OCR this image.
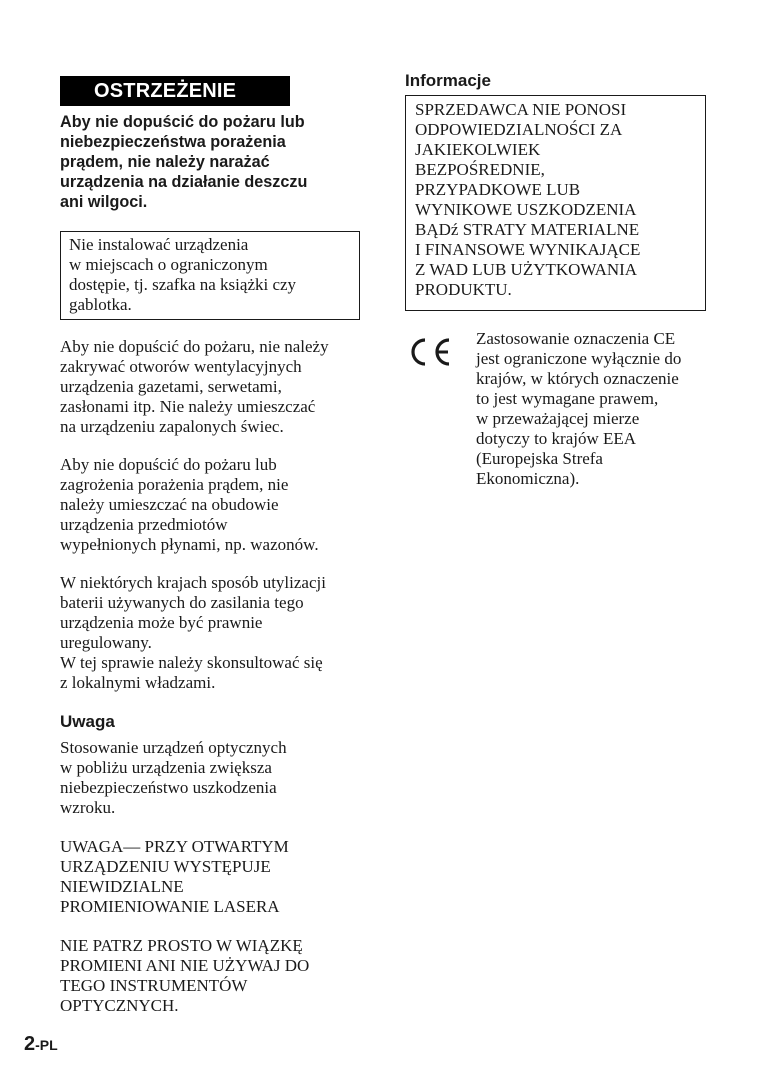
OSTRZEŻENIE
Aby nie dopuścić do pożaru lub
niebezpieczeństwa porażenia
prądem, nie należy narażać
urządzenia na działanie deszczu
ani wilgoci.
Nie instalować urządzenia
w miejscach o ograniczonym
dostępie, tj. szafka na książki czy
gablotka.
Aby nie dopuścić do pożaru, nie należy
zakrywać otworów wentylacyjnych
urządzenia gazetami, serwetami,
zasłonami itp. Nie należy umieszczać
na urządzeniu zapalonych świec.
Aby nie dopuścić do pożaru lub
zagrożenia porażenia prądem, nie
należy umieszczać na obudowie
urządzenia przedmiotów
wypełnionych płynami, np. wazonów.
W niektórych krajach sposób utylizacji
baterii używanych do zasilania tego
urządzenia może być prawnie
uregulowany.
W tej sprawie należy skonsultować się
z lokalnymi władzami.
Uwaga
Stosowanie urządzeń optycznych
w pobliżu urządzenia zwiększa
niebezpieczeństwo uszkodzenia
wzroku.
UWAGA— PRZY OTWARTYM
URZĄDZENIU WYSTĘPUJE
NIEWIDZIALNE
PROMIENIOWANIE LASERA
NIE PATRZ PROSTO W WIĄZKĘ
PROMIENI ANI NIE UŻYWAJ DO
TEGO INSTRUMENTÓW
OPTYCZNYCH.
Informacje
SPRZEDAWCA NIE PONOSI
ODPOWIEDZIALNOŚCI ZA
JAKIEKOLWIEK
BEZPOŚREDNIE,
PRZYPADKOWE LUB
WYNIKOWE USZKODZENIA
BĄDź STRATY MATERIALNE
I FINANSOWE WYNIKAJĄCE
Z WAD LUB UŻYTKOWANIA
PRODUKTU.
Zastosowanie oznaczenia CE
jest ograniczone wyłącznie do
krajów, w których oznaczenie
to jest wymagane prawem,
w przeważającej mierze
dotyczy to krajów EEA
(Europejska Strefa
Ekonomiczna).
2-PL
